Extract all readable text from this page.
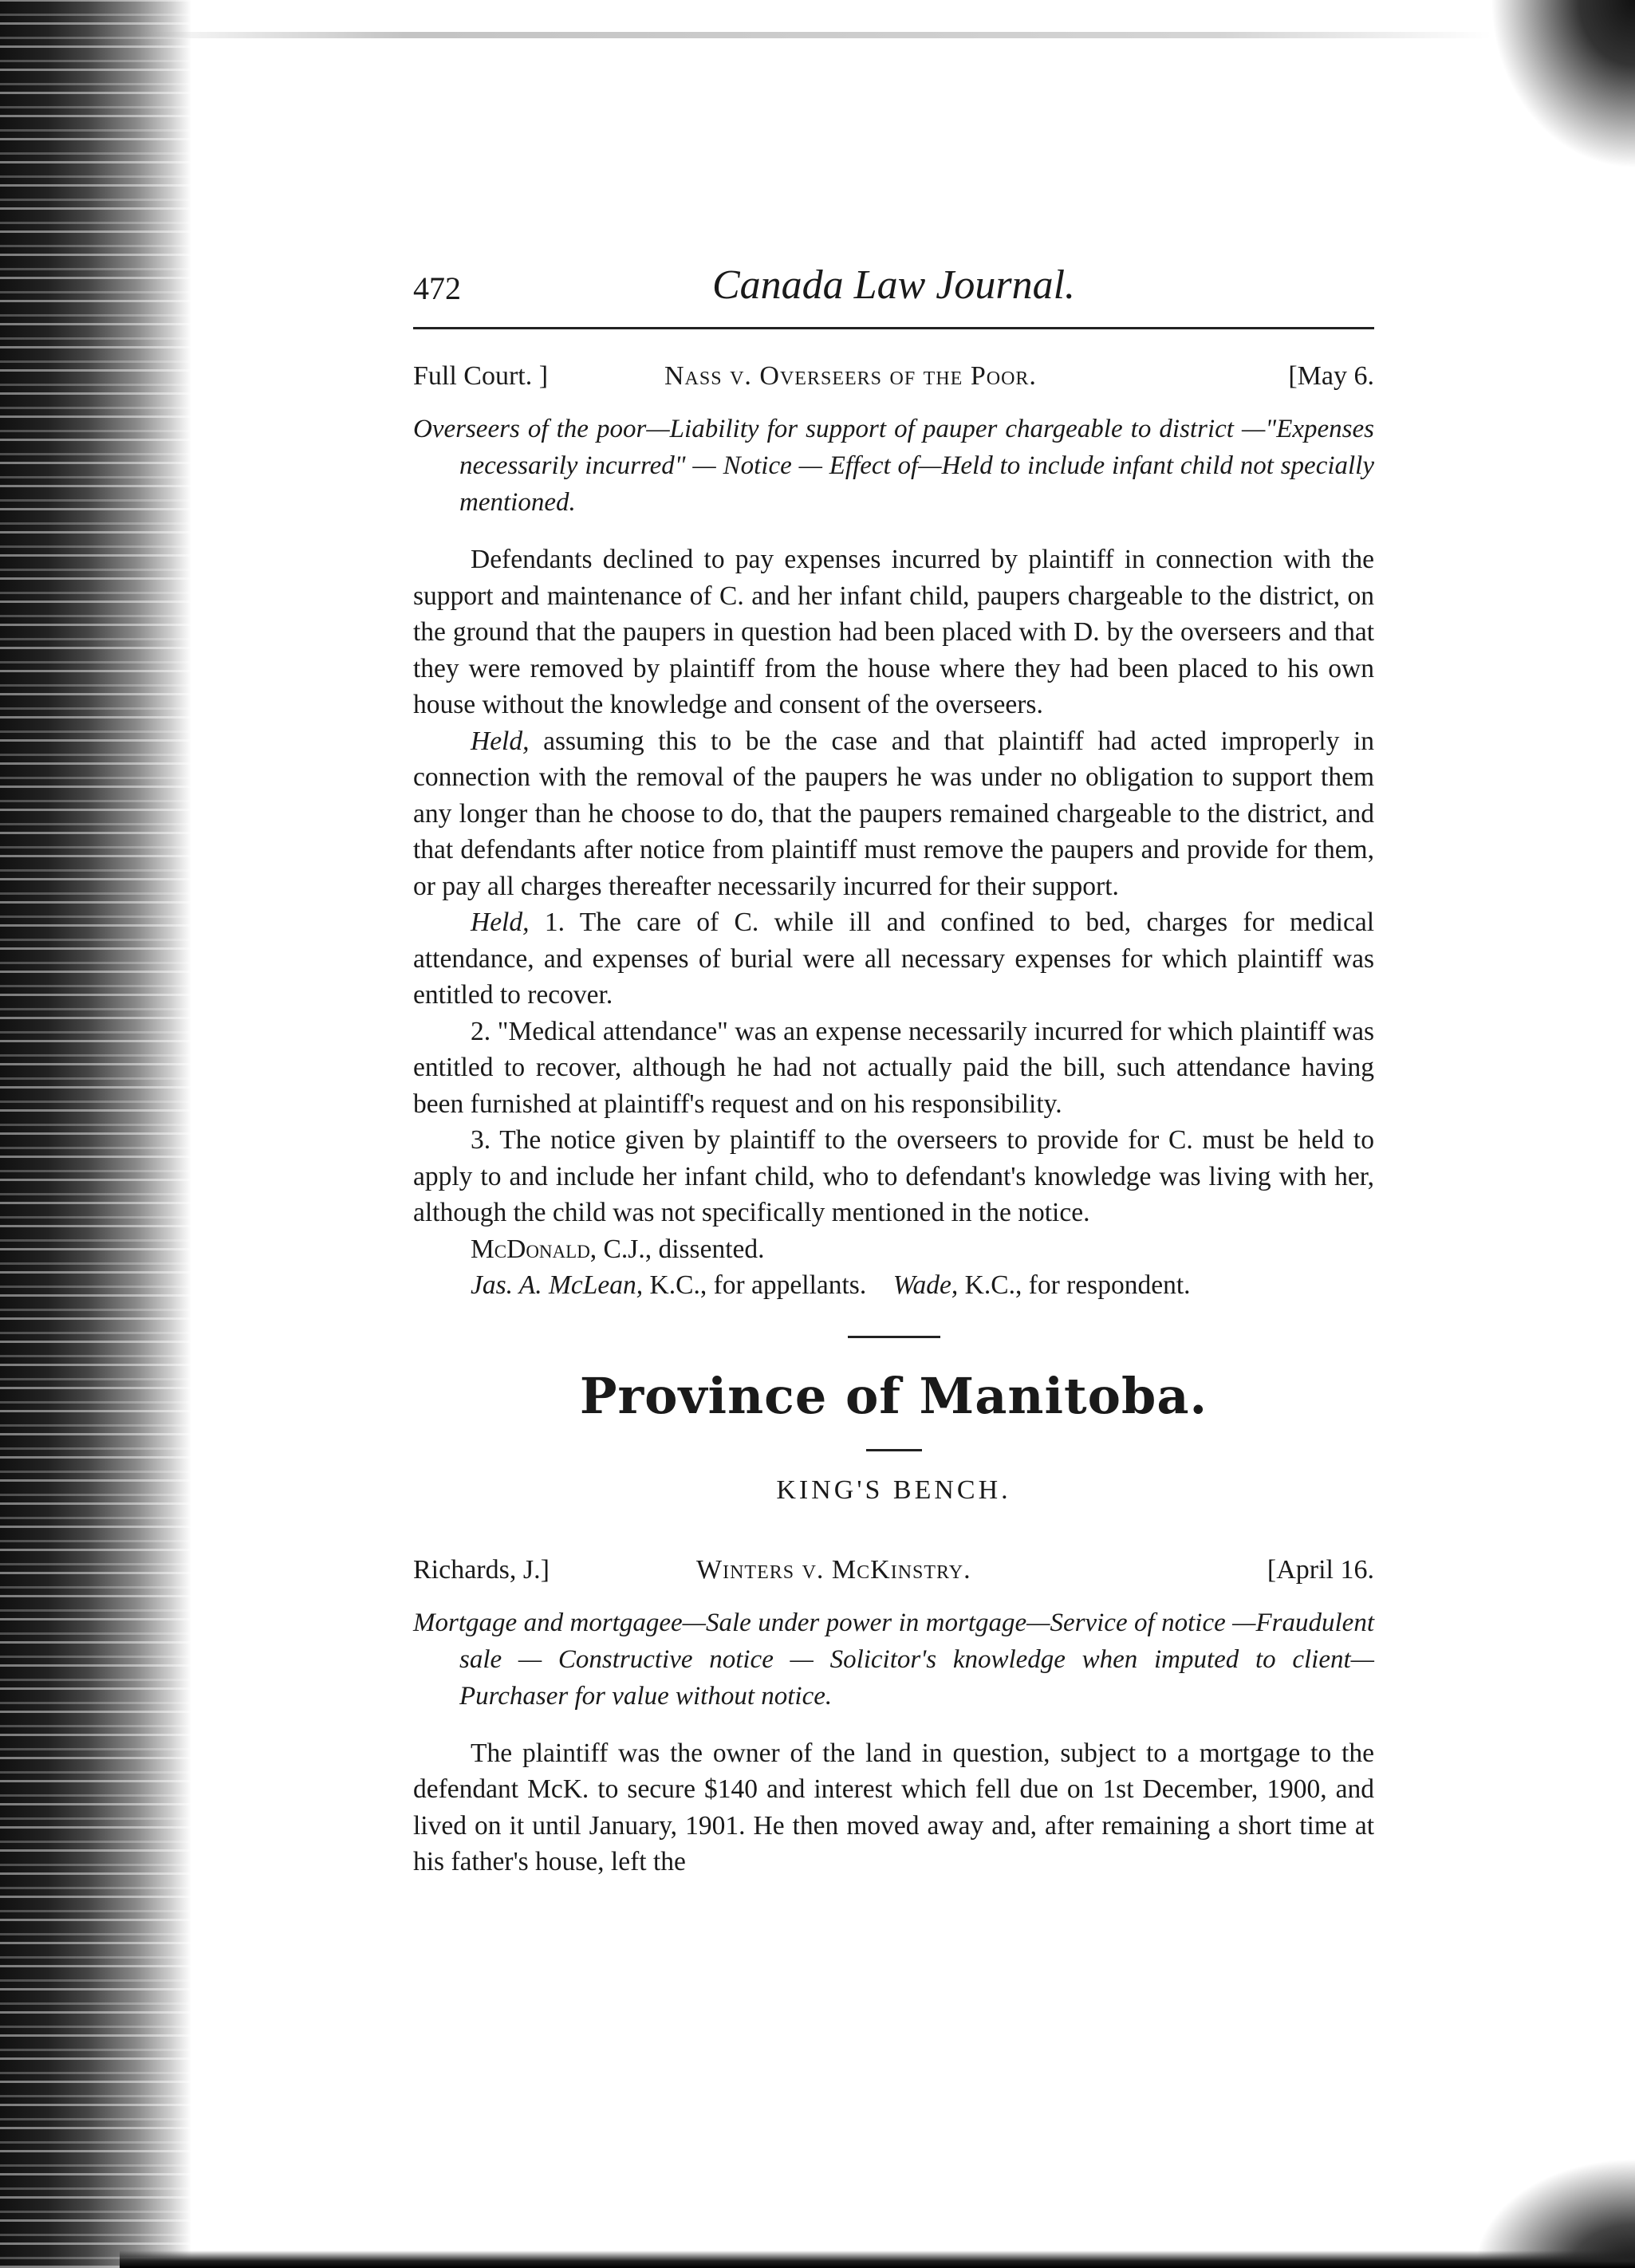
472	Canada Law Journal.
Full Court. ]	Nass v. Overseers of the Poor.	[May 6.

Overseers of the poor—Liability for support of pauper chargeable to district —"Expenses necessarily incurred" — Notice — Effect of—Held to include infant child not specially mentioned.

Defendants declined to pay expenses incurred by plaintiff in connection with the support and maintenance of C. and her infant child, paupers chargeable to the district, on the ground that the paupers in question had been placed with D. by the overseers and that they were removed by plaintiff from the house where they had been placed to his own house without the knowledge and consent of the overseers.

Held, assuming this to be the case and that plaintiff had acted improperly in connection with the removal of the paupers he was under no obligation to support them any longer than he choose to do, that the paupers remained chargeable to the district, and that defendants after notice from plaintiff must remove the paupers and provide for them, or pay all charges thereafter necessarily incurred for their support.

Held, 1. The care of C. while ill and confined to bed, charges for medical attendance, and expenses of burial were all necessary expenses for which plaintiff was entitled to recover.

2. "Medical attendance" was an expense necessarily incurred for which plaintiff was entitled to recover, although he had not actually paid the bill, such attendance having been furnished at plaintiff's request and on his responsibility.

3. The notice given by plaintiff to the overseers to provide for C. must be held to apply to and include her infant child, who to defendant's knowledge was living with her, although the child was not specifically mentioned in the notice.

McDonald, C.J., dissented.

Jas. A. McLean, K.C., for appellants. Wade, K.C., for respondent.

Province of Manitoba.
KING'S BENCH.
Richards, J.]	Winters v. McKinstry.	[April 16.

Mortgage and mortgagee—Sale under power in mortgage—Service of notice —Fraudulent sale — Constructive notice — Solicitor's knowledge when imputed to client—Purchaser for value without notice.

The plaintiff was the owner of the land in question, subject to a mortgage to the defendant McK. to secure $140 and interest which fell due on 1st December, 1900, and lived on it until January, 1901. He then moved away and, after remaining a short time at his father's house, left the
